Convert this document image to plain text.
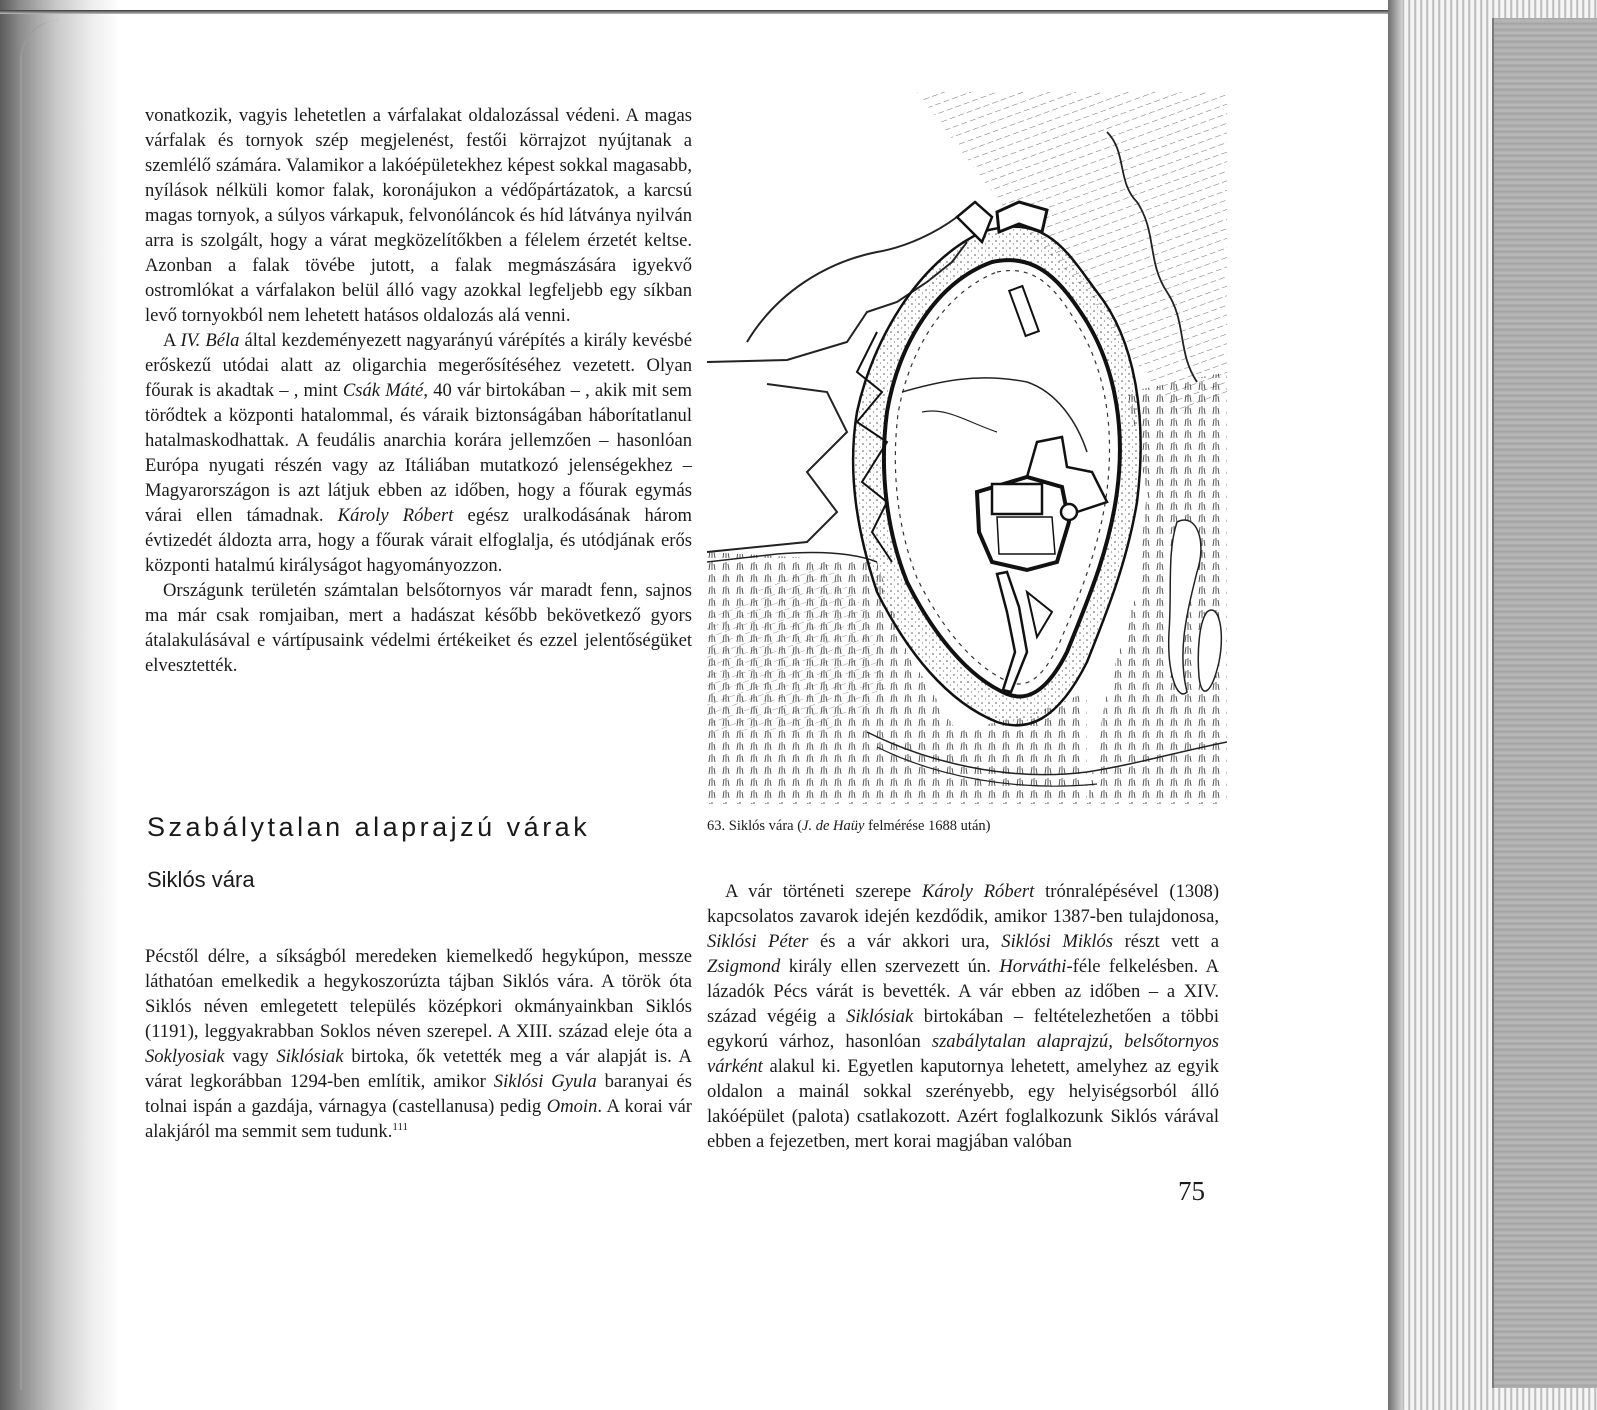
vonatkozik, vagyis lehetetlen a várfalakat oldalozással védeni. A magas várfalak és tornyok szép megjelenést, festői körrajzot nyújtanak a szemlélő számára. Valamikor a lakóépületekhez képest sokkal magasabb, nyílások nélküli komor falak, koronájukon a védőpártázatok, a karcsú magas tornyok, a súlyos várkapuk, felvonóláncok és híd látványa nyilván arra is szolgált, hogy a várat megközelítőkben a félelem érzetét keltse. Azonban a falak tövébe jutott, a falak megmászására igyekvő ostromlókat a várfalakon belül álló vagy azokkal legfeljebb egy síkban levő tornyokból nem lehetett hatásos oldalozás alá venni.

A IV. Béla által kezdeményezett nagyarányú várépítés a király kevésbé erőskezű utódai alatt az oligarchia megerősítéséhez vezetett. Olyan főurak is akadtak – , mint Csák Máté, 40 vár birtokában – , akik mit sem törődtek a központi hatalommal, és váraik biztonságában háborítatlanul hatalmaskodhattak. A feudális anarchia korára jellemzően – hasonlóan Európa nyugati részén vagy az Itáliában mutatkozó jelenségekhez – Magyarországon is azt látjuk ebben az időben, hogy a főurak egymás várai ellen támadnak. Károly Róbert egész uralkodásának három évtizedét áldozta arra, hogy a főurak várait elfoglalja, és utódjának erős központi hatalmú királyságot hagyományozzon.

Országunk területén számtalan belsőtornyos vár maradt fenn, sajnos ma már csak romjaiban, mert a hadászat később bekövetkező gyors átalakulásával e vártípusaink védelmi értékeiket és ezzel jelentőségüket elvesztették.

Szabálytalan alaprajzú várak
Siklós vára

Pécstől délre, a síkságból meredeken kiemelkedő hegykúpon, messze láthatóan emelkedik a hegykoszorúzta tájban Siklós vára. A török óta Siklós néven emlegetett település középkori okmányainkban Siklós (1191), leggyakrabban Soklos néven szerepel. A XIII. század eleje óta a Soklyosiak vagy Siklósiak birtoka, ők vetették meg a vár alapját is. A várat legkorábban 1294-ben említik, amikor Siklósi Gyula baranyai és tolnai ispán a gazdája, várnagya (castellanusa) pedig Omoin. A korai vár alakjáról ma semmit sem tudunk.$^{111}$

63. Siklós vára (J. de Haüy felmérése 1688 után)

A vár történeti szerepe Károly Róbert trónralépésével (1308) kapcsolatos zavarok idején kezdődik, amikor 1387-ben tulajdonosa, Siklósi Péter és a vár akkori ura, Siklósi Miklós részt vett a Zsigmond király ellen szervezett ún. Horváthi-féle felkelésben. A lázadók Pécs várát is bevették. A vár ebben az időben – a XIV. század végéig a Siklósiak birtokában – feltételezhetően a többi egykorú várhoz, hasonlóan szabálytalan alaprajzú, belsőtornyos várként alakul ki. Egyetlen kaputornya lehetett, amelyhez az egyik oldalon a mainál sokkal szerényebb, egy helyiségsorból álló lakóépület (palota) csatlakozott. Azért foglalkozunk Siklós várával ebben a fejezetben, mert korai magjában valóban

75
